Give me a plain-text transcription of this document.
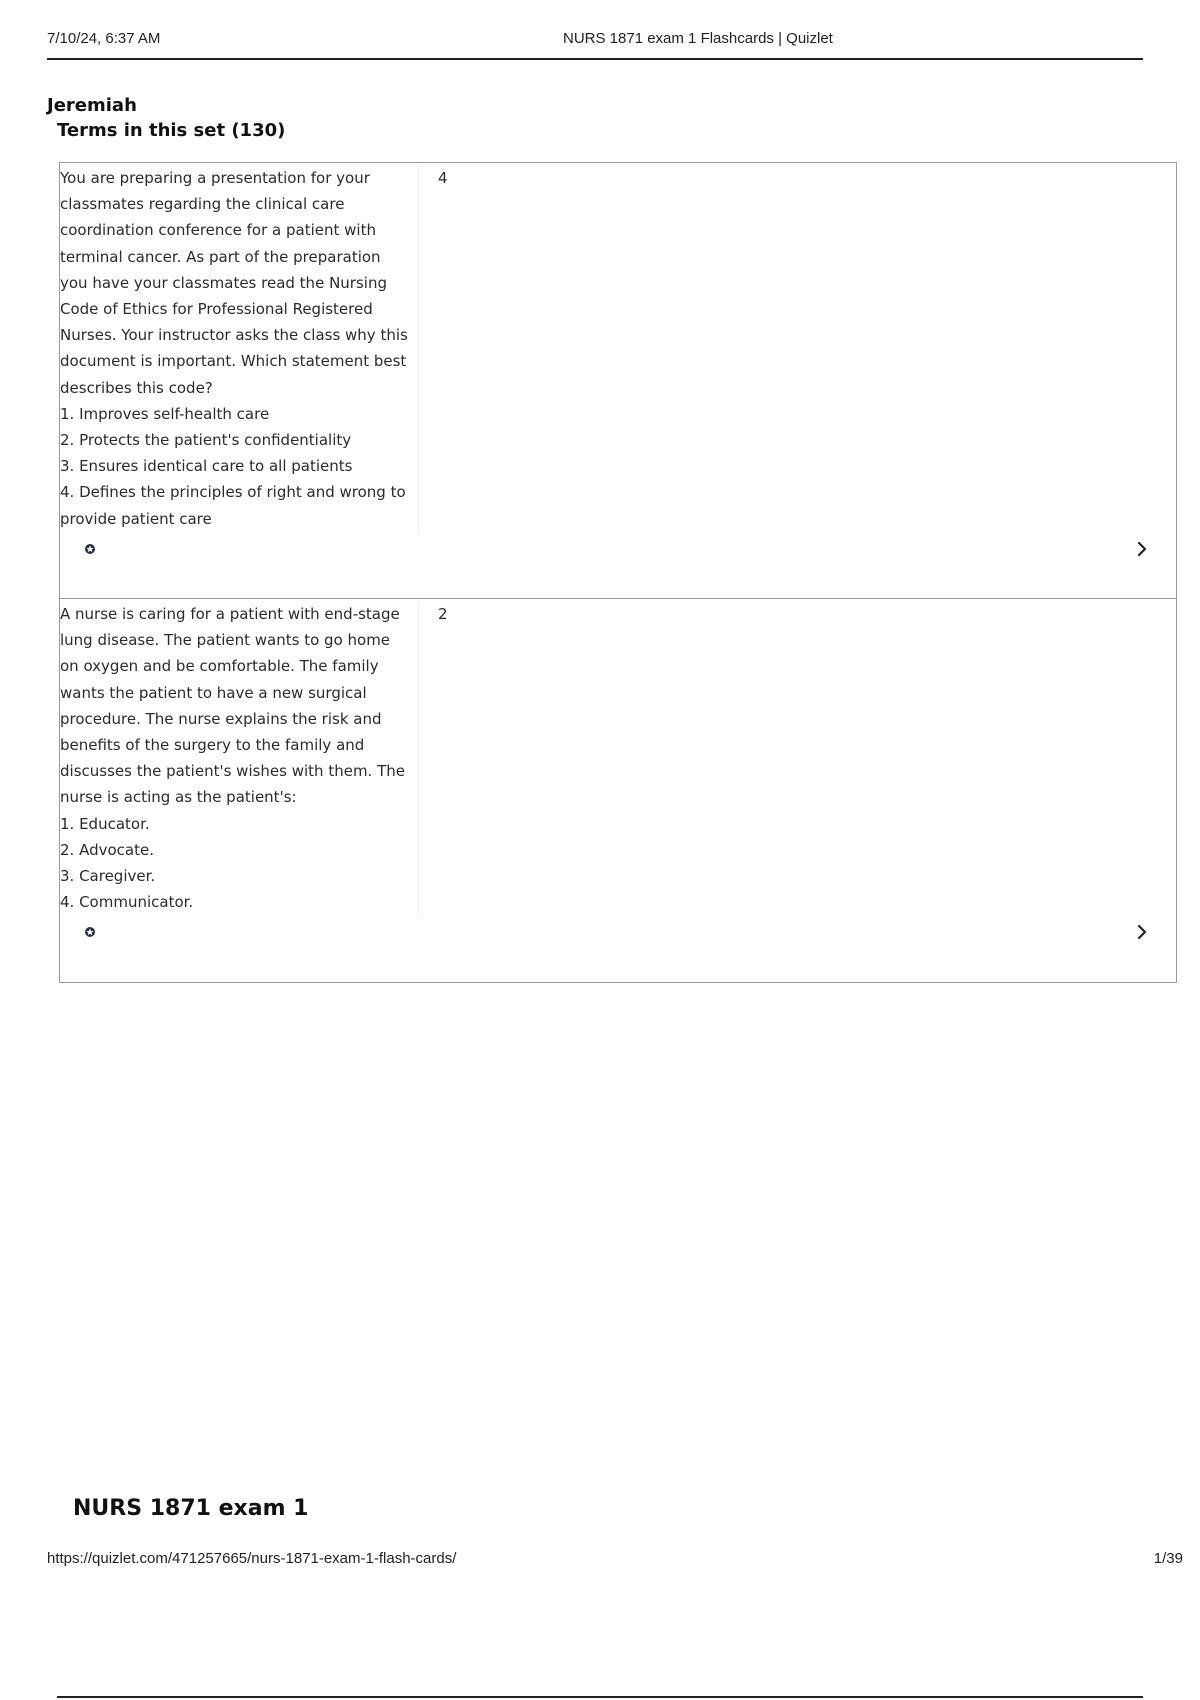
7/10/24, 6:37 AM	NURS 1871 exam 1 Flashcards | Quizlet
Jeremiah
Terms in this set (130)

You are preparing a presentation for your classmates regarding the clinical care coordination conference for a patient with terminal cancer. As part of the preparation you have your classmates read the Nursing Code of Ethics for Professional Registered Nurses. Your instructor asks the class why this document is important. Which statement best describes this code?

1. Improves self-health care

2. Protects the patient's confidentiality

3. Ensures identical care to all patients

4. Defines the principles of right and wrong to provide patient care

4

A nurse is caring for a patient with end-stage lung disease. The patient wants to go home on oxygen and be comfortable. The family wants the patient to have a new surgical procedure. The nurse explains the risk and benefits of the surgery to the family and discusses the patient's wishes with them. The nurse is acting as the patient's:

1. Educator.

2. Advocate.

3. Caregiver.

4. Communicator.

2
NURS 1871 exam 1
https://quizlet.com/471257665/nurs-1871-exam-1-flash-cards/	1/39
